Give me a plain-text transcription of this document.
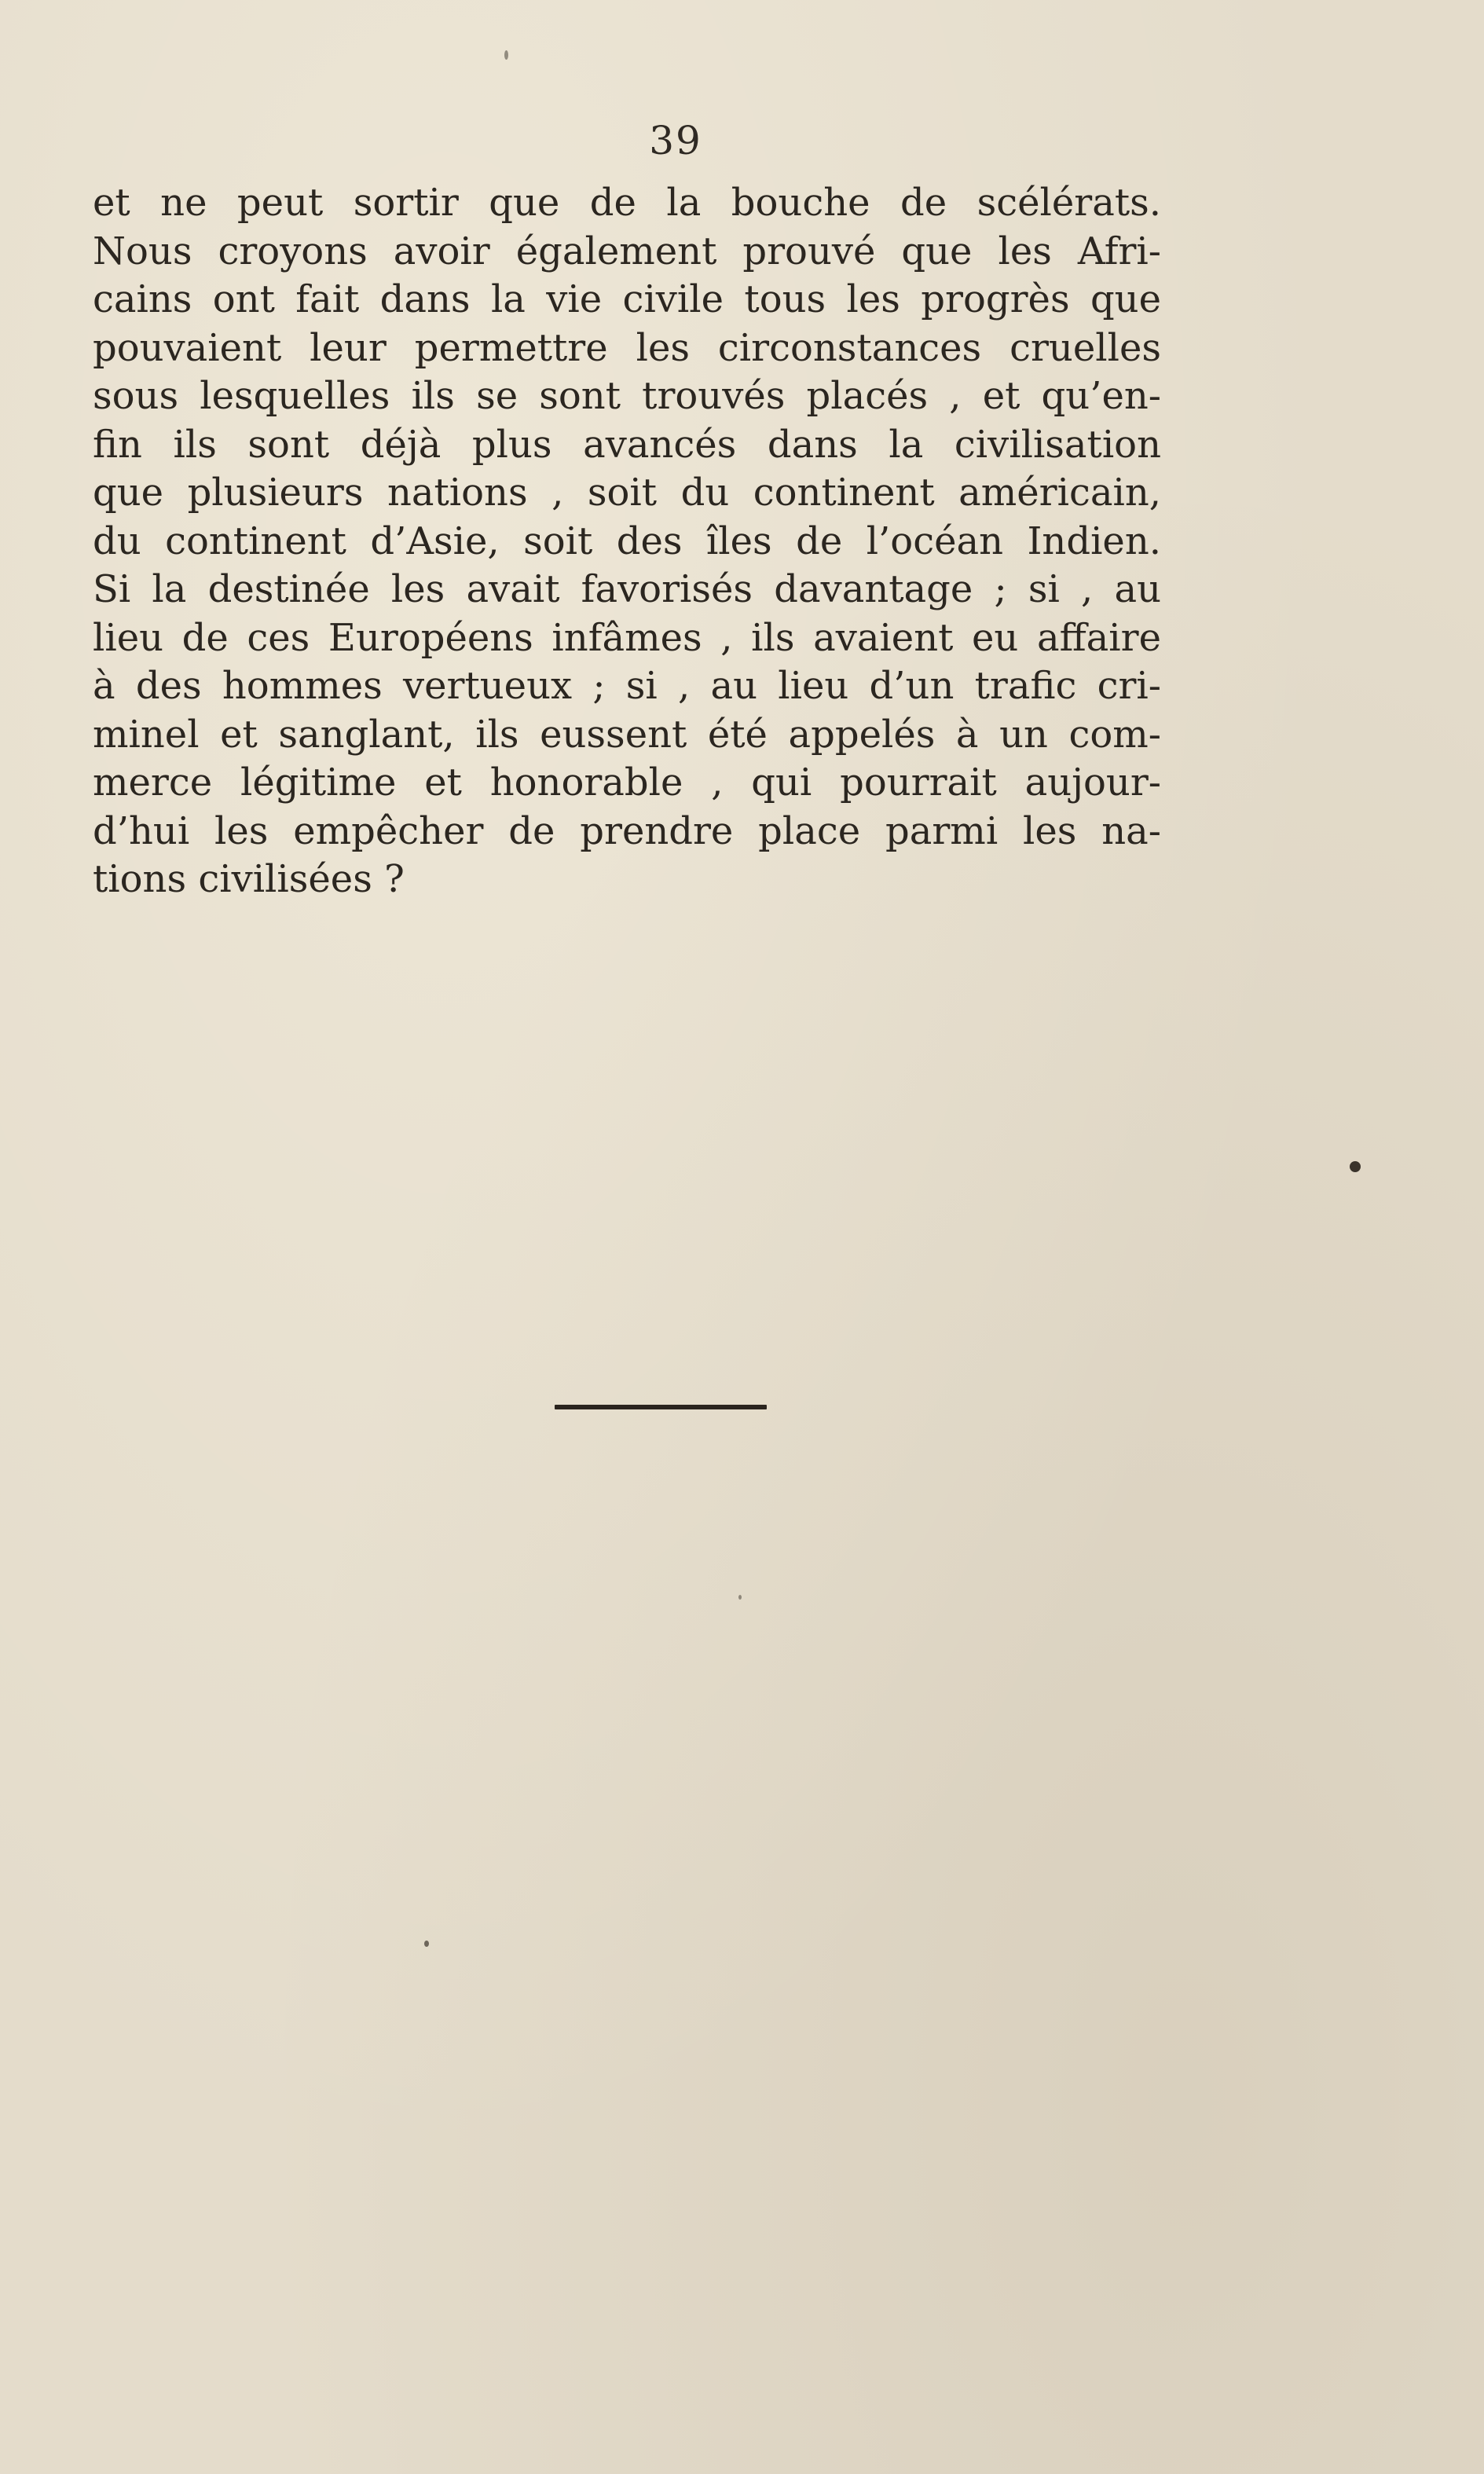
39
et ne peut sortir que de la bouche de scélérats.
Nous croyons avoir également prouvé que les Afri-
cains ont fait dans la vie civile tous les progrès que
pouvaient leur permettre les circonstances cruelles
sous lesquelles ils se sont trouvés placés , et qu’en-
fin ils sont déjà plus avancés dans la civilisation
que plusieurs nations , soit du continent américain,
du continent d’Asie, soit des îles de l’océan Indien.
Si la destinée les avait favorisés davantage ; si , au
lieu de ces Européens infâmes , ils avaient eu affaire
à des hommes vertueux ; si , au lieu d’un trafic cri-
minel et sanglant, ils eussent été appelés à un com-
merce légitime et honorable , qui pourrait aujour-
d’hui les empêcher de prendre place parmi les na-
tions civilisées ?
